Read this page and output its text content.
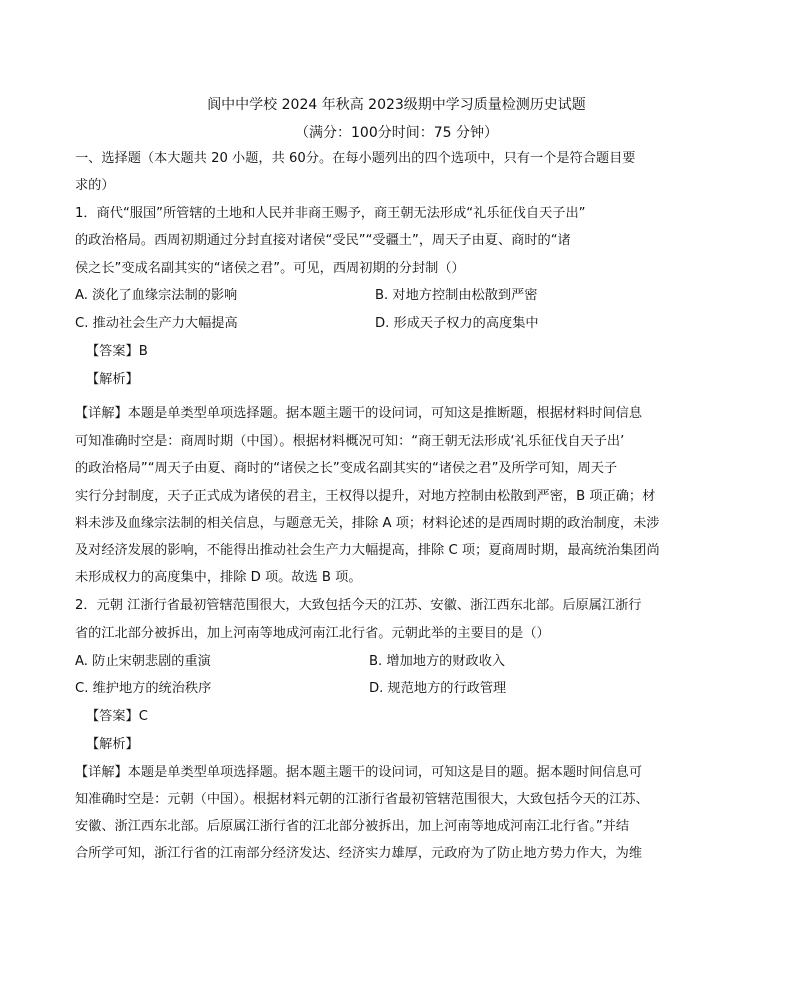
阆中中学校 2024 年秋高 2023级期中学习质量检测历史试题

（满分：100分时间：75 分钟）

一、选择题（本大题共 20 小题，共 60分。在每小题列出的四个选项中，只有一个是符合题目要

求的）

1．商代“服国”所管辖的土地和人民并非商王赐予，商王朝无法形成“礼乐征伐自天子出”

的政治格局。西周初期通过分封直接对诸侯“受民”“受疆土”，周天子由夏、商时的“诸

侯之长”变成名副其实的“诸侯之君”。可见，西周初期的分封制（）

A. 淡化了血缘宗法制的影响	B. 对地方控制由松散到严密
C. 推动社会生产力大幅提高	D. 形成天子权力的高度集中
【答案】B
【解析】

【详解】本题是单类型单项选择题。据本题主题干的设问词，可知这是推断题，根据材料时间信息

可知准确时空是：商周时期（中国）。根据材料概况可知：“商王朝无法形成‘礼乐征伐自天子出’

的政治格局”“周天子由夏、商时的“诸侯之长”变成名副其实的“诸侯之君”及所学可知，周天子

实行分封制度，天子正式成为诸侯的君主，王权得以提升，对地方控制由松散到严密，B 项正确；材

料未涉及血缘宗法制的相关信息，与题意无关，排除 A 项；材料论述的是西周时期的政治制度，未涉

及对经济发展的影响，不能得出推动社会生产力大幅提高，排除 C 项；夏商周时期，最高统治集团尚

未形成权力的高度集中，排除 D 项。故选 B 项。

2．元朝 江浙行省最初管辖范围很大，大致包括今天的江苏、安徽、浙江西东北部。后原属江浙行

省的江北部分被拆出，加上河南等地成河南江北行省。元朝此举的主要目的是（）

A. 防止宋朝悲剧的重演	B. 增加地方的财政收入
C. 维护地方的统治秩序	D. 规范地方的行政管理
【答案】C
【解析】

【详解】本题是单类型单项选择题。据本题主题干的设问词，可知这是目的题。据本题时间信息可

知准确时空是：元朝（中国）。根据材料元朝的江浙行省最初管辖范围很大，大致包括今天的江苏、

安徽、浙江西东北部。后原属江浙行省的江北部分被拆出，加上河南等地成河南江北行省。”并结

合所学可知，浙江行省的江南部分经济发达、经济实力雄厚，元政府为了防止地方势力作大，为维
